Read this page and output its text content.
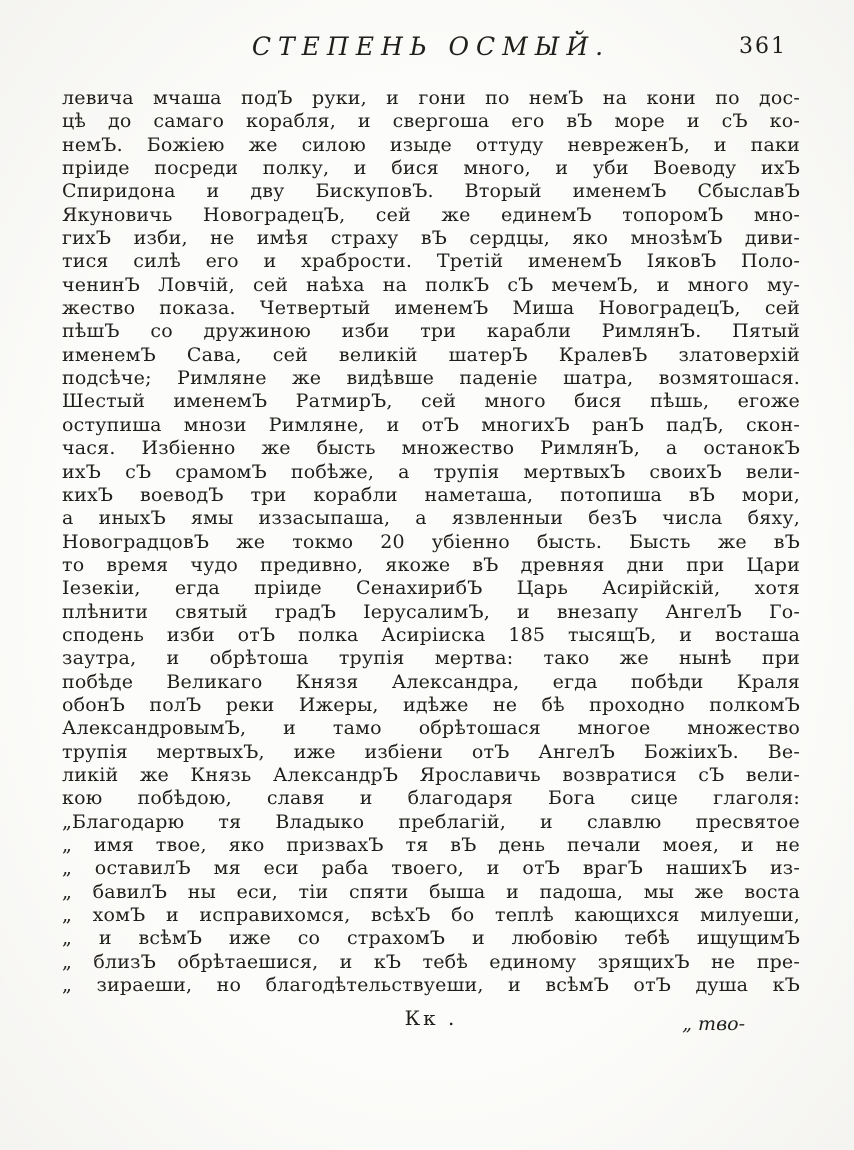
СТЕПЕНЬ ОСМЫЙ.	361
левича мчаша подЪ руки, и гони по немЪ на кони по дос-
цѣ до самаго корабля, и свергоша его вЪ море и сЪ ко-
немЪ. Божіею же силою изыде оттуду невреженЪ, и паки
пріиде посреди полку, и бися много, и уби Воеводу ихЪ
Спиридона и дву БискуповЪ. Вторый именемЪ СбыславЪ
Якуновичь НовоградецЪ, сей же единемЪ топоромЪ мно-
гихЪ изби, не имѣя страху вЪ сердцы, яко мнозѣмЪ диви-
тися силѣ его и храбрости. Третій именемЪ ІяковЪ Поло-
ченинЪ Ловчій, сей наѣха на полкЪ сЪ мечемЪ, и много му-
жество показа. Четвертый именемЪ Миша НовоградецЪ, сей
пѣшЪ со дружиною изби три карабли РимлянЪ. Пятый
именемЪ Сава, сей великій шатерЪ КралевЪ златоверхій
подсѣче; Римляне же видѣвше паденіе шатра, возмятошася.
Шестый именемЪ РатмирЪ, сей много бися пѣшь, егоже
оступиша мнози Римляне, и отЪ многихЪ ранЪ падЪ, скон-
чася. Избіенно же бысть множество РимлянЪ, а останокЪ
ихЪ сЪ срамомЪ побѣже, а трупія мертвыхЪ своихЪ вели-
кихЪ воеводЪ три корабли наметаша, потопиша вЪ мори,
а иныхЪ ямы иззасыпаша, а язвленныи безЪ числа бяху,
НовоградцовЪ же токмо 20 убіенно бысть. Бысть же вЪ
то время чудо предивно, якоже вЪ древняя дни при Цари
Іезекіи, егда пріиде СенахирибЪ Царь Асирійскій, хотя
плѣнити святый градЪ ІерусалимЪ, и внезапу АнгелЪ Го-
сподень изби отЪ полка Асиріиска 185 тысящЪ, и восташа
заутра, и обрѣтоша трупія мертва: тако же нынѣ при
побѣде Великаго Князя Александра, егда побѣди Краля
обонЪ полЪ реки Ижеры, идѣже не бѣ проходно полкомЪ
АлександровымЪ, и тамо обрѣтошася многое множество
трупія мертвыхЪ, иже избіени отЪ АнгелЪ БожіихЪ. Ве-
ликій же Князь АлександрЪ Ярославичь возвратися сЪ вели-
кою побѣдою, славя и благодаря Бога сице глаголя:
„Благодарю тя Владыко преблагій, и славлю пресвятое
„ имя твое, яко призвахЪ тя вЪ день печали моея, и не
„ оставилЪ мя еси раба твоего, и отЪ врагЪ нашихЪ из-
„ бавилЪ ны еси, тіи спяти быша и падоша, мы же воста
„ хомЪ и исправихомся, всѣхЪ бо теплѣ кающихся милуеши,
„ и всѣмЪ иже со страхомЪ и любовію тебѣ ищущимЪ
„ близЪ обрѣтаешися, и кЪ тебѣ единому зрящихЪ не пре-
„ зираеши, но благодѣтельствуеши, и всѣмЪ отЪ душа кЪ
Кк .	„ тво-
